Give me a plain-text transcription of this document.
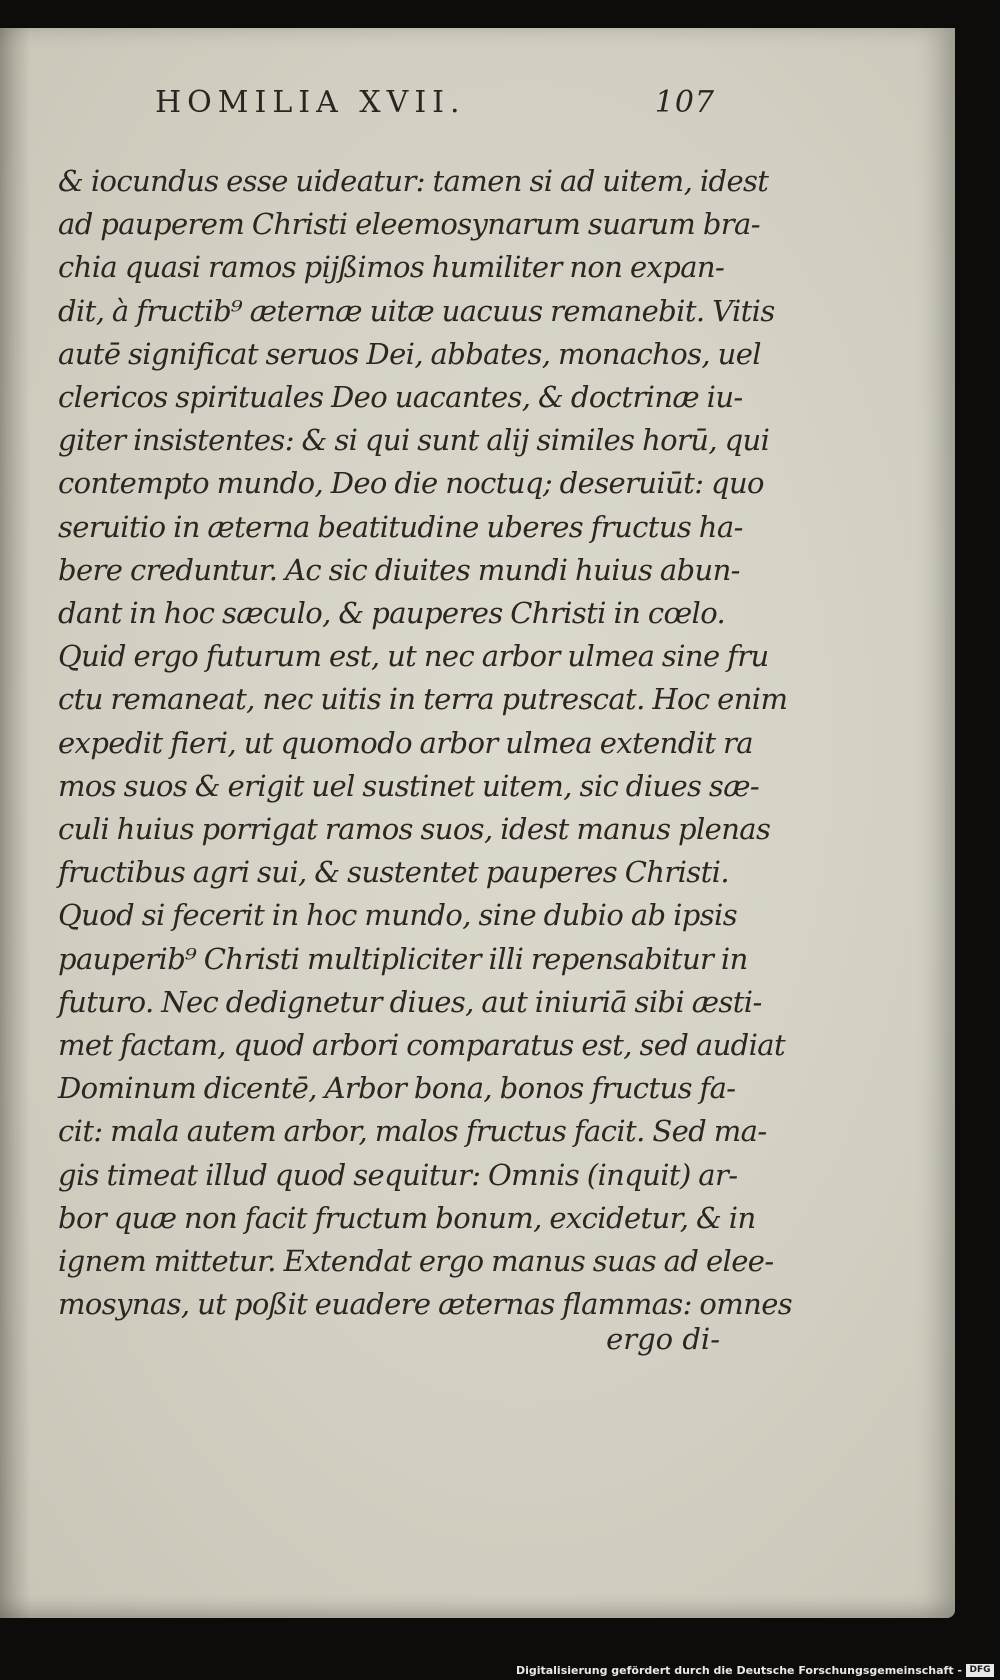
HOMILIA XVII.	107
& iocundus esse uideatur: tamen si ad uitem, idest
ad pauperem Christi eleemosynarum suarum bra-
chia quasi ramos pijßimos humiliter non expan-
dit, à fructib⁹ æternæ uitæ uacuus remanebit. Vitis
autē significat seruos Dei, abbates, monachos, uel
clericos spirituales Deo uacantes, & doctrinæ iu-
giter insistentes: & si qui sunt alij similes horū, qui
contempto mundo, Deo die noctuq; deseruiūt: quo
seruitio in æterna beatitudine uberes fructus ha-
bere creduntur. Ac sic diuites mundi huius abun-
dant in hoc sæculo, & pauperes Christi in cœlo.
Quid ergo futurum est, ut nec arbor ulmea sine fru
ctu remaneat, nec uitis in terra putrescat. Hoc enim
expedit fieri, ut quomodo arbor ulmea extendit ra
mos suos & erigit uel sustinet uitem, sic diues sæ-
culi huius porrigat ramos suos, idest manus plenas
fructibus agri sui, & sustentet pauperes Christi.
Quod si fecerit in hoc mundo, sine dubio ab ipsis
pauperib⁹ Christi multipliciter illi repensabitur in
futuro. Nec dedignetur diues, aut iniuriā sibi æsti-
met factam, quod arbori comparatus est, sed audiat
Dominum dicentē, Arbor bona, bonos fructus fa-
cit: mala autem arbor, malos fructus facit. Sed ma-
gis timeat illud quod sequitur: Omnis (inquit) ar-
bor quæ non facit fructum bonum, excidetur, & in
ignem mittetur. Extendat ergo manus suas ad elee-
mosynas, ut poßit euadere æternas flammas: omnes
ergo di-
Digitalisierung gefördert durch die Deutsche Forschungsgemeinschaft - DFG
